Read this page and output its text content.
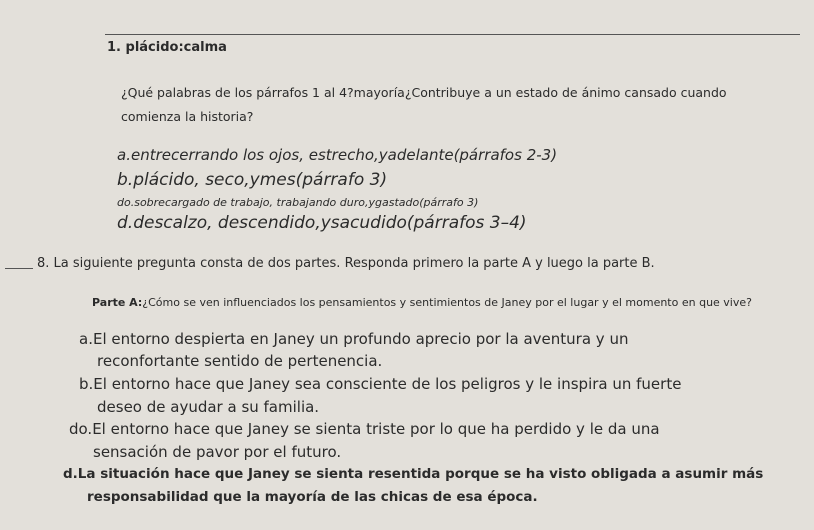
1. plácido:calma
¿Qué palabras de los párrafos 1 al 4?mayoría¿Contribuye a un estado de ánimo cansado cuando
comienza la historia?
a.entrecerrando los ojos, estrecho,yadelante(párrafos 2-3)
b.plácido, seco,ymes(párrafo 3)
do.sobrecargado de trabajo, trabajando duro,ygastado(párrafo 3)
d.descalzo, descendido,ysacudido(párrafos 3–4)
8. La siguiente pregunta consta de dos partes. Responda primero la parte A y luego la parte B.
Parte A:¿Cómo se ven influenciados los pensamientos y sentimientos de Janey por el lugar y el momento en que vive?
a.El entorno despierta en Janey un profundo aprecio por la aventura y un
reconfortante sentido de pertenencia.
b.El entorno hace que Janey sea consciente de los peligros y le inspira un fuerte
deseo de ayudar a su familia.
do.El entorno hace que Janey se sienta triste por lo que ha perdido y le da una
sensación de pavor por el futuro.
d.La situación hace que Janey se sienta resentida porque se ha visto obligada a asumir más
responsabilidad que la mayoría de las chicas de esa época.
